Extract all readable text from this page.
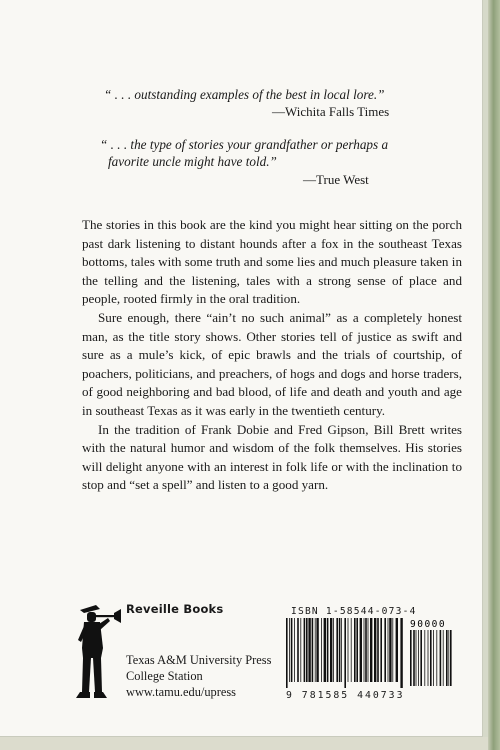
“ . . . outstanding examples of the best in local lore.”
—Wichita Falls Times
“ . . . the type of stories your grandfather or perhaps a
favorite uncle might have told.”
—True West

The stories in this book are the kind you might hear sitting on the porch past dark listening to distant hounds after a fox in the southeast Texas bottoms, tales with some truth and some lies and much pleasure taken in the telling and the listening, tales with a strong sense of place and people, rooted firmly in the oral tradition.

Sure enough, there “ain’t no such animal” as a completely honest man, as the title story shows. Other stories tell of justice as swift and sure as a mule’s kick, of epic brawls and the trials of courtship, of poachers, politicians, and preachers, of hogs and dogs and horse traders, of good neighboring and bad blood, of life and death and youth and age in southeast Texas as it was early in the twentieth century.

In the tradition of Frank Dobie and Fred Gipson, Bill Brett writes with the natural humor and wisdom of the folk themselves. His stories will delight anyone with an interest in folk life or with the inclination to stop and “set a spell” and listen to a good yarn.

Reveille Books
Texas A&M University Press
College Station
www.tamu.edu/upress
ISBN 1-58544-073-4
90000
9 781585 440733
